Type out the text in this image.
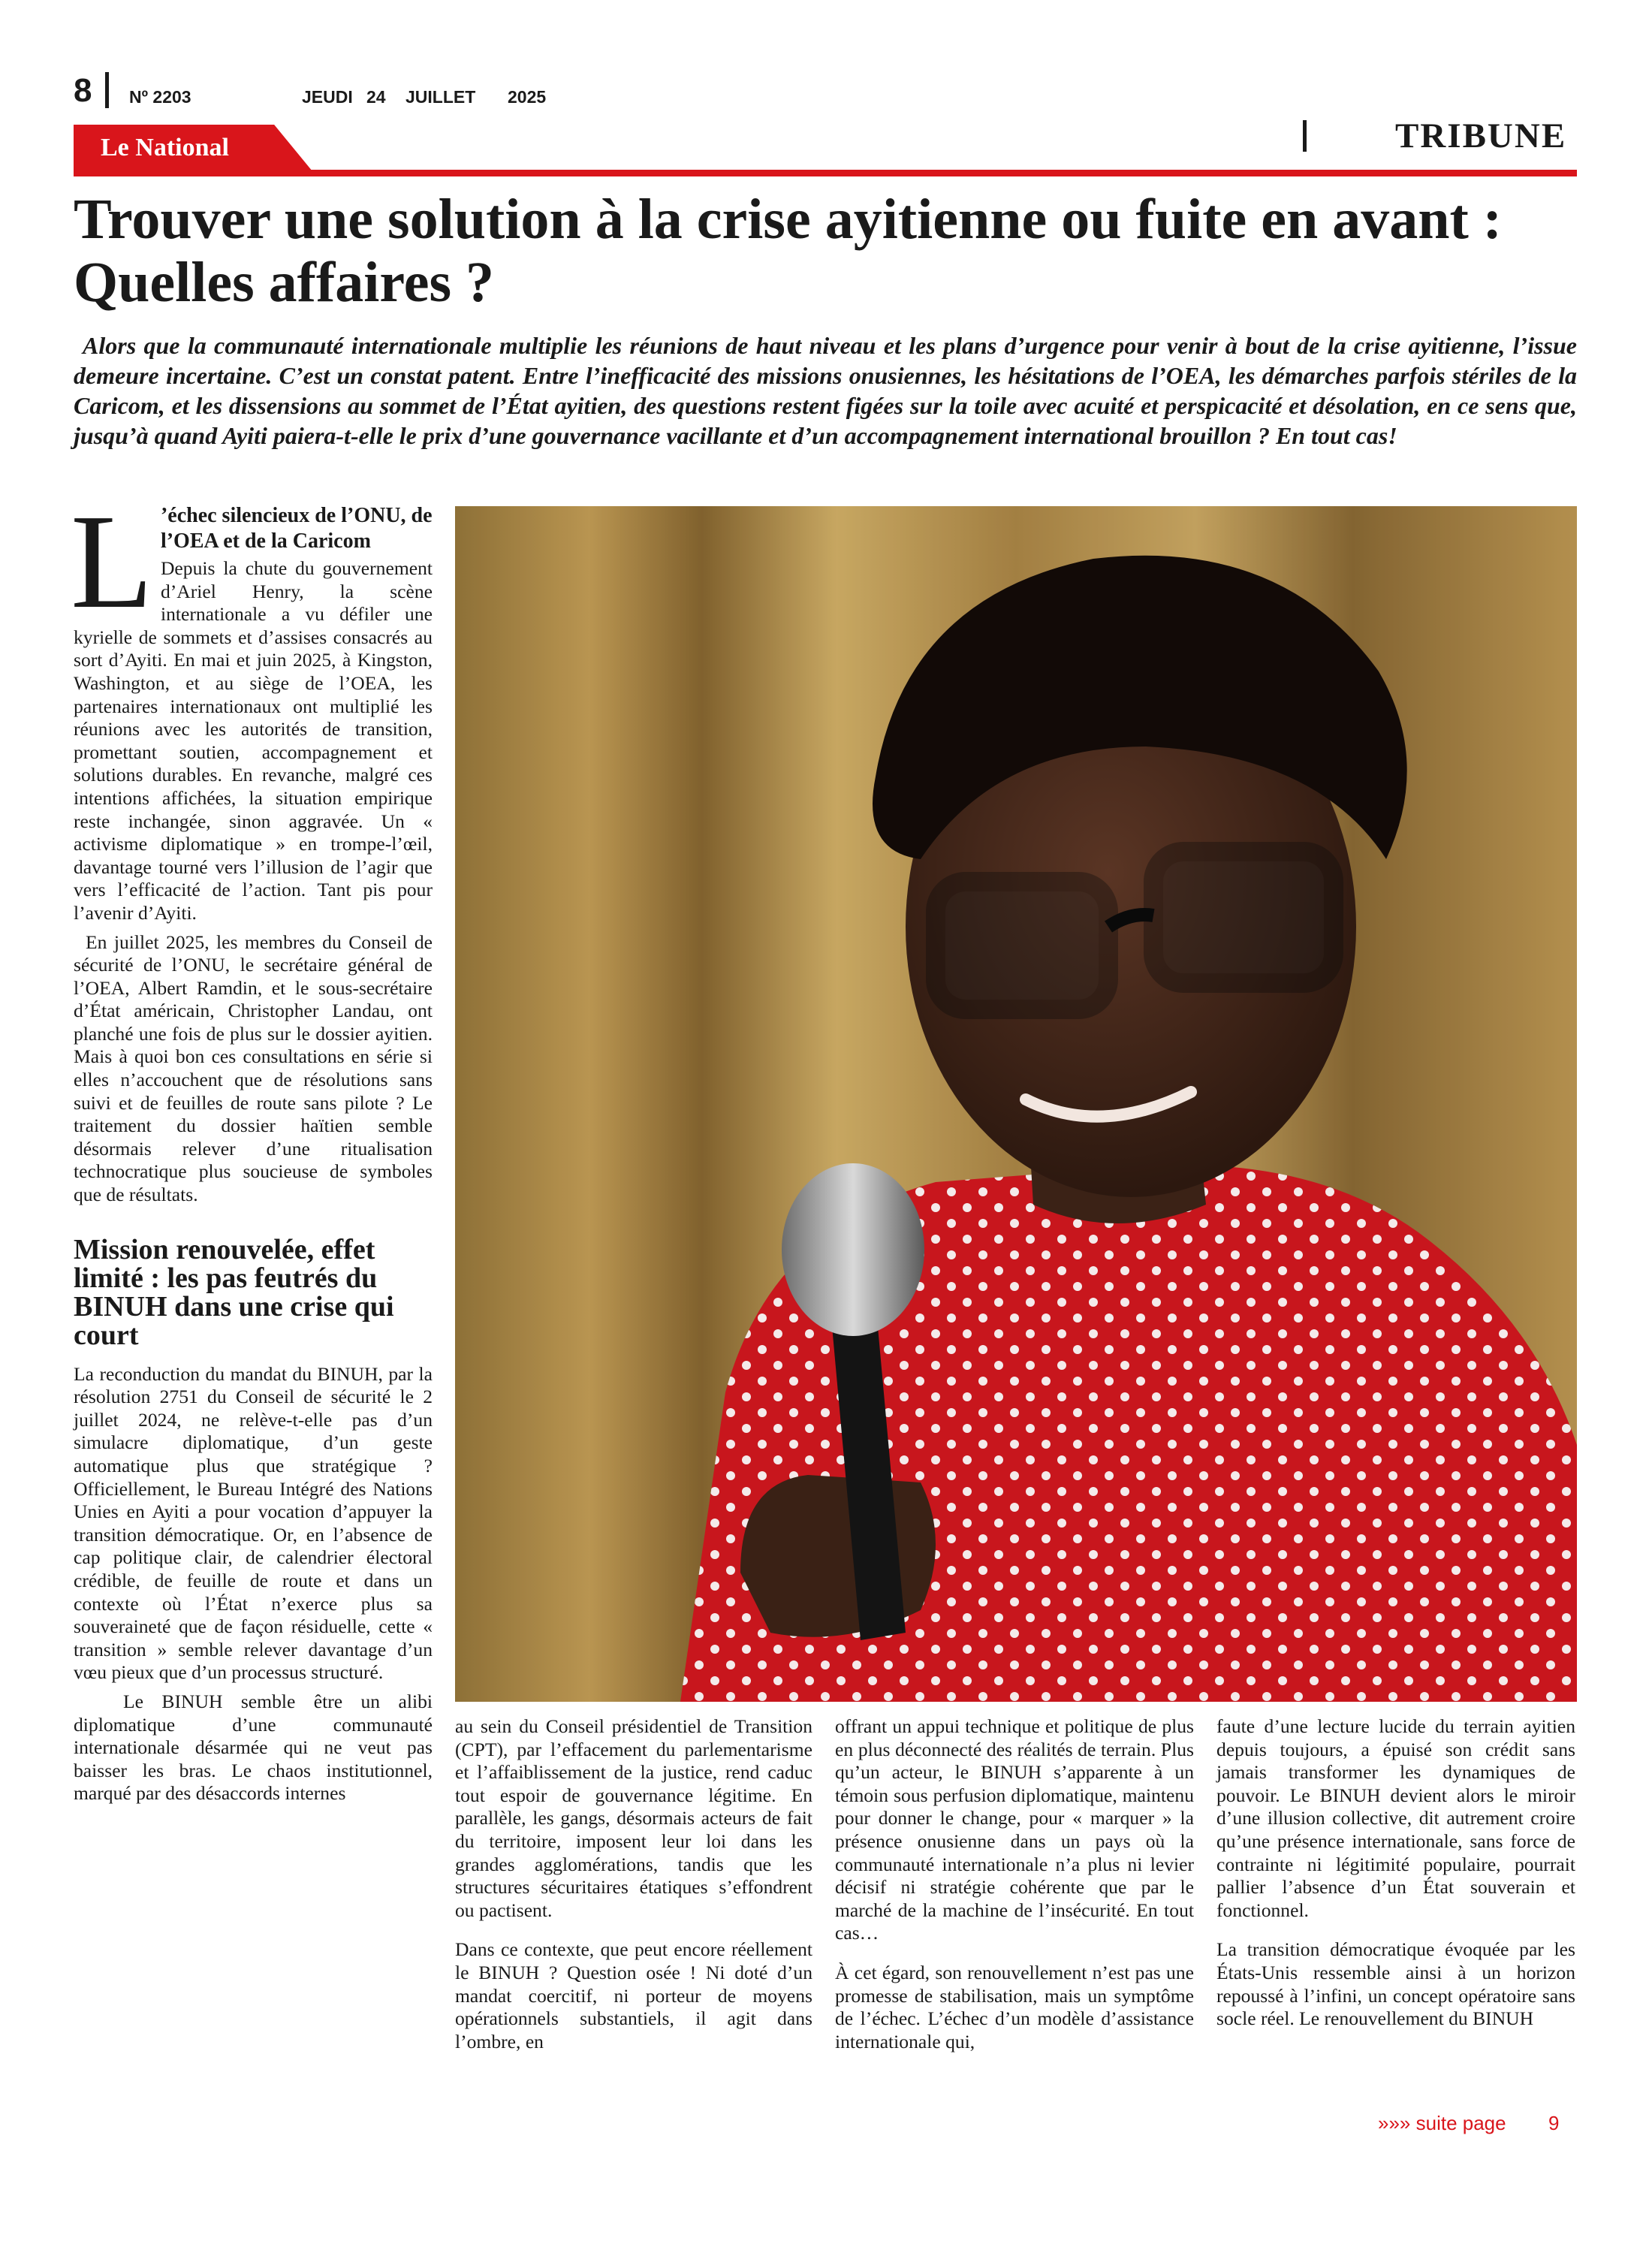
8 Nº 2203	JEUDI 24 JUILLET 2025
TRIBUNE
Le National
Trouver une solution à la crise ayitienne ou fuite en avant : Quelles affaires ?

Alors que la communauté internationale multiplie les réunions de haut niveau et les plans d’urgence pour venir à bout de la crise ayitienne, l’issue demeure incertaine. C’est un constat patent. Entre l’inefficacité des missions onusiennes, les hésitations de l’OEA, les démarches parfois stériles de la Caricom, et les dissensions au sommet de l’État ayitien, des questions restent figées sur la toile avec acuité et perspicacité et désolation, en ce sens que, jusqu’à quand Ayiti paiera-t-elle le prix d’une gouvernance vacillante et d’un accompagnement international brouillon ? En tout cas!

L ’échec silencieux de l’ONU, de l’OEA et de la Caricom

Depuis la chute du gouvernement d’Ariel Henry, la scène internationale a vu défiler une kyrielle de sommets et d’assises consacrés au sort d’Ayiti. En mai et juin 2025, à Kingston, Washington, et au siège de l’OEA, les partenaires internationaux ont multiplié les réunions avec les autorités de transition, promettant soutien, accompagnement et solutions durables. En revanche, malgré ces intentions affichées, la situation empirique reste inchangée, sinon aggravée. Un « activisme diplomatique » en trompe-l’œil, davantage tourné vers l’illusion de l’agir que vers l’efficacité de l’action. Tant pis pour l’avenir d’Ayiti.

En juillet 2025, les membres du Conseil de sécurité de l’ONU, le secrétaire général de l’OEA, Albert Ramdin, et le sous-secrétaire d’État américain, Christopher Landau, ont planché une fois de plus sur le dossier ayitien. Mais à quoi bon ces consultations en série si elles n’accouchent que de résolutions sans suivi et de feuilles de route sans pilote ? Le traitement du dossier haïtien semble désormais relever d’une ritualisation technocratique plus soucieuse de symboles que de résultats.

Mission renouvelée, effet limité : les pas feutrés du BINUH dans une crise qui court

La reconduction du mandat du BINUH, par la résolution 2751 du Conseil de sécurité le 2 juillet 2024, ne relève-t-elle pas d’un simulacre diplomatique, d’un geste automatique plus que stratégique ? Officiellement, le Bureau Intégré des Nations Unies en Ayiti a pour vocation d’appuyer la transition démocratique. Or, en l’absence de cap politique clair, de calendrier électoral crédible, de feuille de route et dans un contexte où l’État n’exerce plus sa souveraineté que de façon résiduelle, cette « transition » semble relever davantage d’un vœu pieux que d’un processus structuré.

Le BINUH semble être un alibi diplomatique d’une communauté internationale désarmée qui ne veut pas baisser les bras. Le chaos institutionnel, marqué par des désaccords internes

au sein du Conseil présidentiel de Transition (CPT), par l’effacement du parlementarisme et l’affaiblissement de la justice, rend caduc tout espoir de gouvernance légitime. En parallèle, les gangs, désormais acteurs de fait du territoire, imposent leur loi dans les grandes agglomérations, tandis que les structures sécuritaires étatiques s’effondrent ou pactisent.

Dans ce contexte, que peut encore réellement le BINUH ? Question osée ! Ni doté d’un mandat coercitif, ni porteur de moyens opérationnels substantiels, il agit dans l’ombre, en

offrant un appui technique et politique de plus en plus déconnecté des réalités de terrain. Plus qu’un acteur, le BINUH s’apparente à un témoin sous perfusion diplomatique, maintenu pour donner le change, pour « marquer » la présence onusienne dans un pays où la communauté internationale n’a plus ni levier décisif ni stratégie cohérente que par le marché de la machine de l’insécurité. En tout cas…

À cet égard, son renouvellement n’est pas une promesse de stabilisation, mais un symptôme de l’échec. L’échec d’un modèle d’assistance internationale qui,

faute d’une lecture lucide du terrain ayitien depuis toujours, a épuisé son crédit sans jamais transformer les dynamiques de pouvoir. Le BINUH devient alors le miroir d’une illusion collective, dit autrement croire qu’une présence internationale, sans force de contrainte ni légitimité populaire, pourrait pallier l’absence d’un État souverain et fonctionnel.

La transition démocratique évoquée par les États-Unis ressemble ainsi à un horizon repoussé à l’infini, un concept opératoire sans socle réel. Le renouvellement du BINUH

»»» suite page 9
